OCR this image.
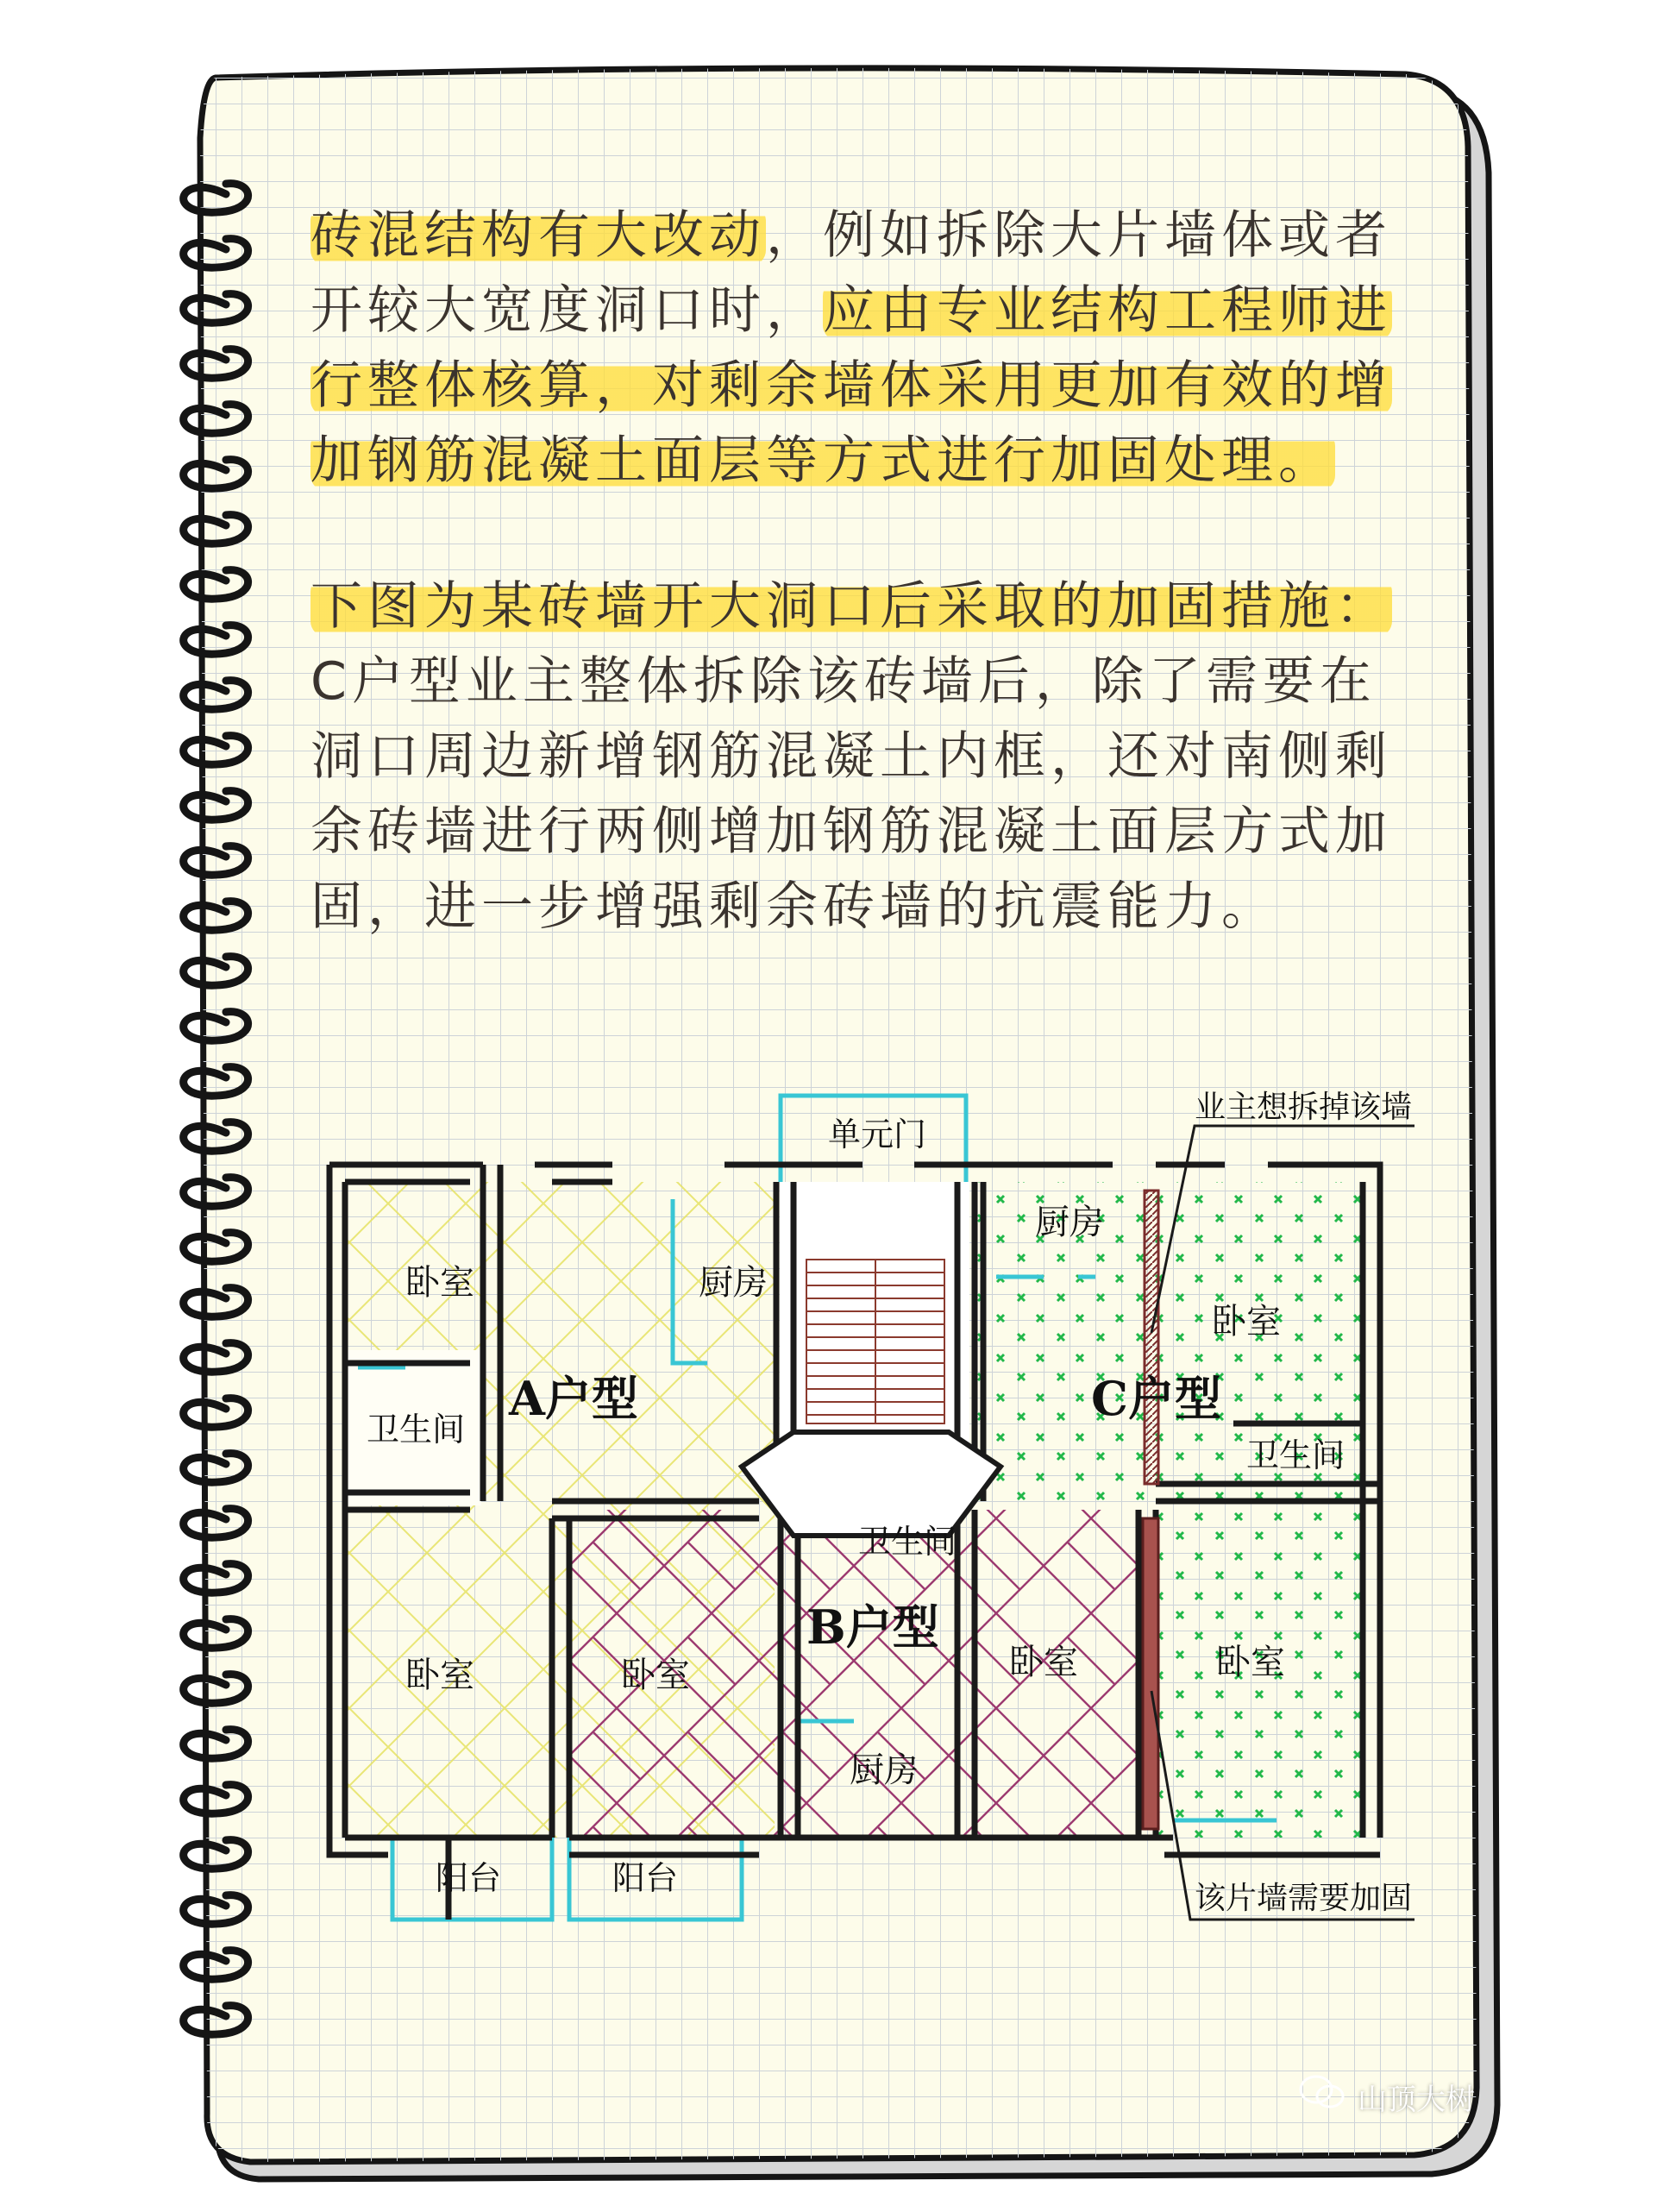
单元门
业主想拆掉该墙
该片墙需要加固
卧室	厨房
A户型
卫生间
卧室	卧室
阳台	阳台
卫生间
B户型
厨房
卧室
厨房
卧室
C户型
卫生间
卧室

砖混结构有大改动，例如拆除大片墙体或者开较大宽度洞口时，应由专业结构工程师进行整体核算，对剩余墙体采用更加有效的增加钢筋混凝土面层等方式进行加固处理。

下图为某砖墙开大洞口后采取的加固措施：C户型业主整体拆除该砖墙后，除了需要在洞口周边新增钢筋混凝土内框，还对南侧剩余砖墙进行两侧增加钢筋混凝土面层方式加固，进一步增强剩余砖墙的抗震能力。

山顶大树
